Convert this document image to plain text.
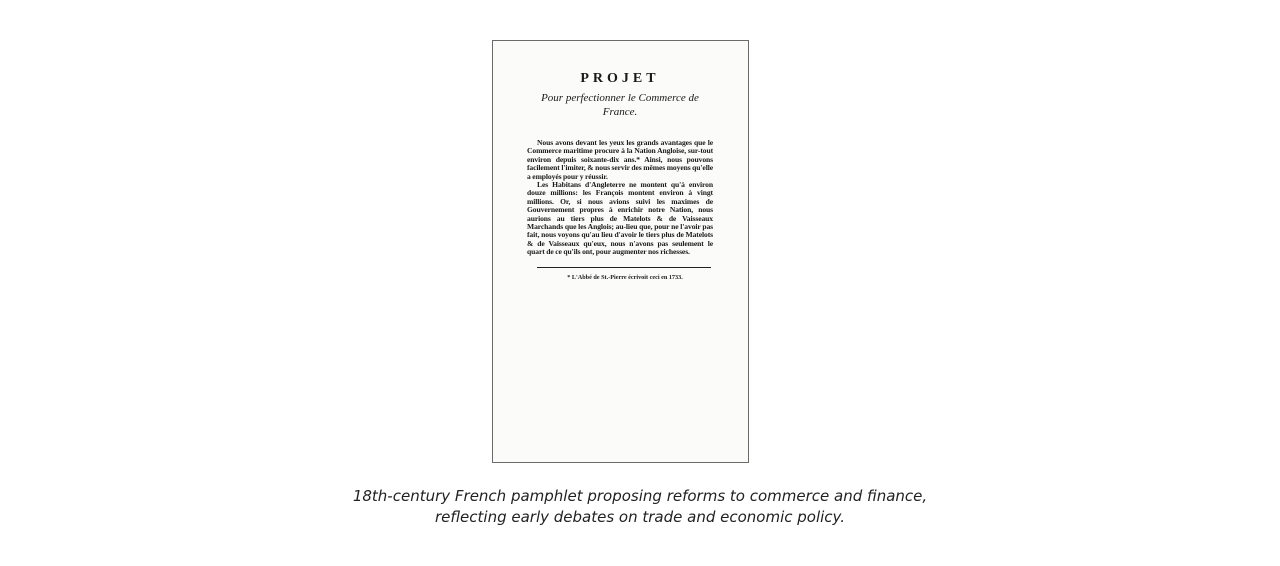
PROJET
Pour perfectionner le Commerce de
France.

Nous avons devant les yeux les grands avantages que le Commerce maritime procure à la Nation Angloise, sur-tout environ depuis soixante-dix ans.* Ainsi, nous pouvons facilement l'imiter, & nous servir des mêmes moyens qu'elle a employés pour y réussir.

Les Habitans d'Angleterre ne montent qu'à environ douze millions: les François montent environ à vingt millions. Or, si nous avions suivi les maximes de Gouvernement propres à enrichir notre Nation, nous aurions au tiers plus de Matelots & de Vaisseaux Marchands que les Anglois; au-lieu que, pour ne l'avoir pas fait, nous voyons qu'au lieu d'avoir le tiers plus de Matelots & de Vaisseaux qu'eux, nous n'avons pas seulement le quart de ce qu'ils ont, pour augmenter nos richesses.

* L'Abbé de St.-Pierre écrivoit ceci en 1733.

18th-century French pamphlet proposing reforms to commerce and finance,
reflecting early debates on trade and economic policy.
